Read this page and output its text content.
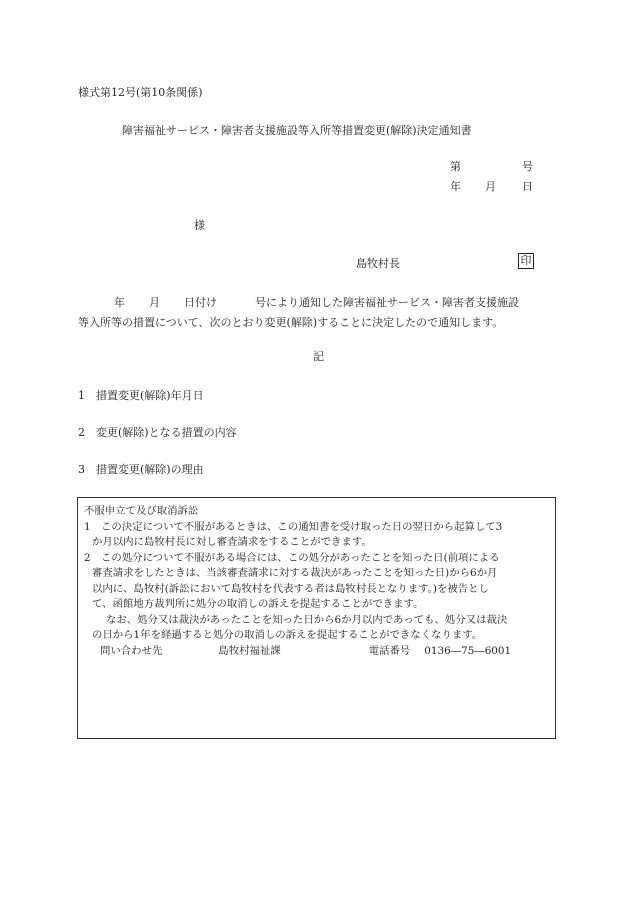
様式第12号(第10条関係)
障害福祉サービス・障害者支援施設等入所等措置変更(解除)決定通知書
第	号
年 月 日
様
島牧村長	印
年 月 日付け	号により通知した障害福祉サービス・障害者支援施設
等入所等の措置について、次のとおり変更(解除)することに決定したので通知します。
記
1 措置変更(解除)年月日
2 変更(解除)となる措置の内容
3 措置変更(解除)の理由
不服申立て及び取消訴訟
1　この決定について不服があるときは、この通知書を受け取った日の翌日から起算して3
か月以内に島牧村長に対し審査請求をすることができます。
2　この処分について不服がある場合には、この処分があったことを知った日(前項による
審査請求をしたときは、当該審査請求に対する裁決があったことを知った日)から6か月
以内に、島牧村(訴訟において島牧村を代表する者は島牧村長となります。)を被告とし
て、函館地方裁判所に処分の取消しの訴えを提起することができます。
なお、処分又は裁決があったことを知った日から6か月以内であっても、処分又は裁決
の日から1年を経過すると処分の取消しの訴えを提起することができなくなります。
問い合わせ先	島牧村福祉課	電話番号 0136―75―6001
